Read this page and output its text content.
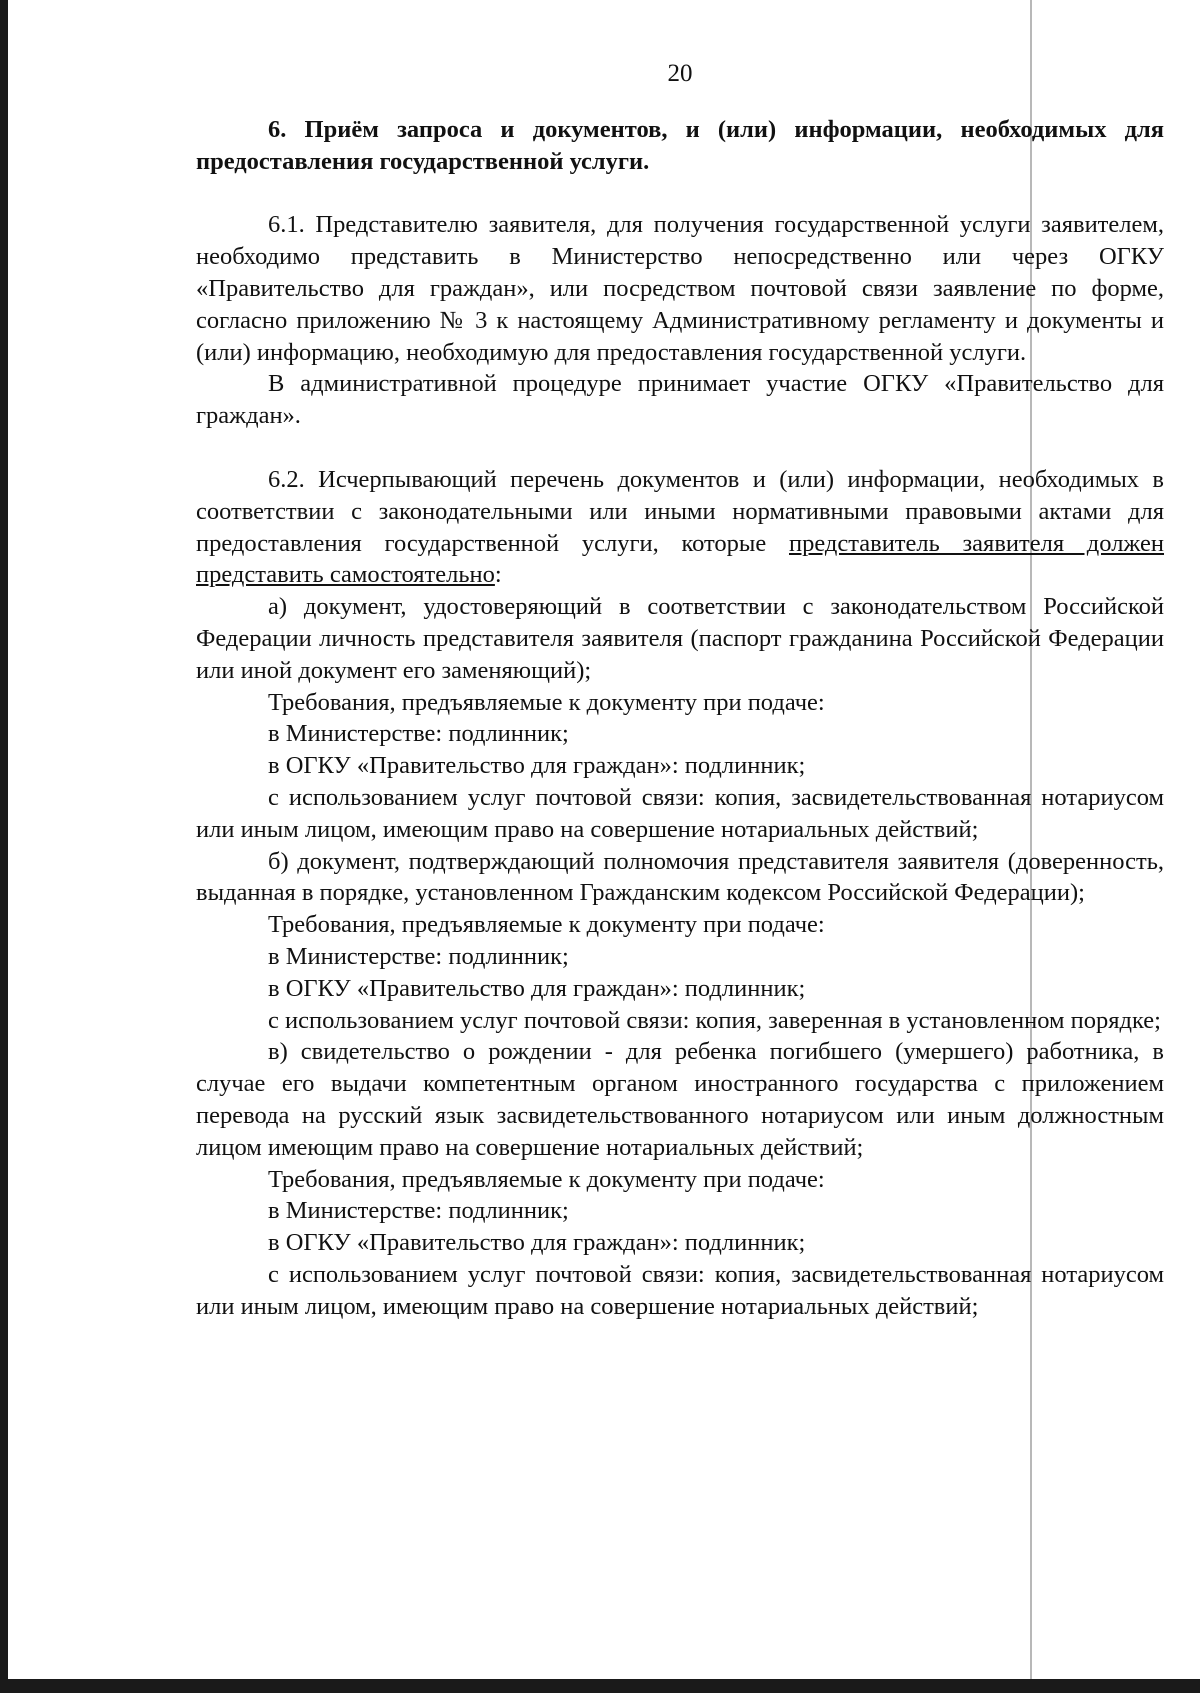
20

6. Приём запроса и документов, и (или) информации, необходимых для предоставления государственной услуги.

6.1. Представителю заявителя, для получения государственной услуги заявителем, необходимо представить в Министерство непосредственно или через ОГКУ «Правительство для граждан», или посредством почтовой связи заявление по форме, согласно приложению № 3 к настоящему Административному регламенту и документы и (или) информацию, необходимую для предоставления государственной услуги.

В административной процедуре принимает участие ОГКУ «Правительство для граждан».

6.2. Исчерпывающий перечень документов и (или) информации, необходимых в соответствии с законодательными или иными нормативными правовыми актами для предоставления государственной услуги, которые представитель заявителя должен представить самостоятельно:

а) документ, удостоверяющий в соответствии с законодательством Российской Федерации личность представителя заявителя (паспорт гражданина Российской Федерации или иной документ его заменяющий);

Требования, предъявляемые к документу при подаче:

в Министерстве: подлинник;

в ОГКУ «Правительство для граждан»: подлинник;

с использованием услуг почтовой связи: копия, засвидетельствованная нотариусом или иным лицом, имеющим право на совершение нотариальных действий;

б) документ, подтверждающий полномочия представителя заявителя (доверенность, выданная в порядке, установленном Гражданским кодексом Российской Федерации);

Требования, предъявляемые к документу при подаче:

в Министерстве: подлинник;

в ОГКУ «Правительство для граждан»: подлинник;

с использованием услуг почтовой связи: копия, заверенная в установленном порядке;

в) свидетельство о рождении - для ребенка погибшего (умершего) работника, в случае его выдачи компетентным органом иностранного государства с приложением перевода на русский язык засвидетельствованного нотариусом или иным должностным лицом имеющим право на совершение нотариальных действий;

Требования, предъявляемые к документу при подаче:

в Министерстве: подлинник;

в ОГКУ «Правительство для граждан»: подлинник;

с использованием услуг почтовой связи: копия, засвидетельствованная нотариусом или иным лицом, имеющим право на совершение нотариальных действий;
